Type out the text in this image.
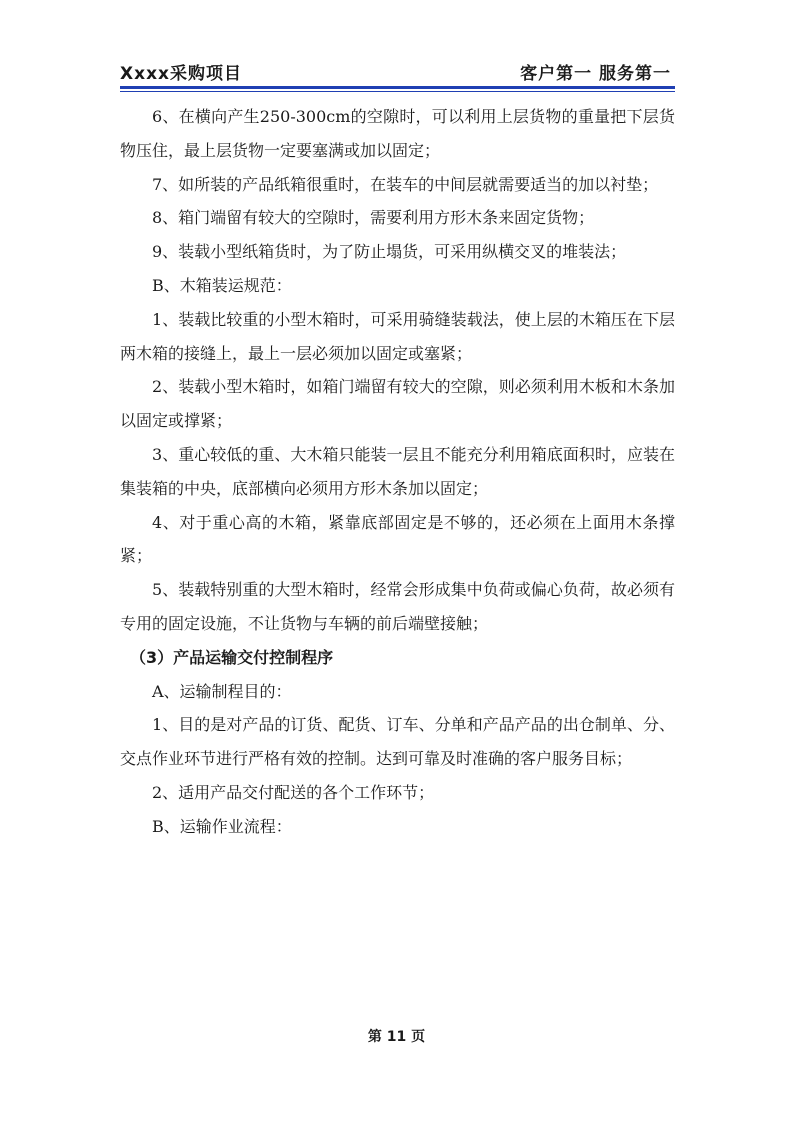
Xxxx采购项目	客户第一 服务第一

6、在横向产生250-300cm的空隙时，可以利用上层货物的重量把下层货物压住，最上层货物一定要塞满或加以固定；

7、如所装的产品纸箱很重时，在装车的中间层就需要适当的加以衬垫；

8、箱门端留有较大的空隙时，需要利用方形木条来固定货物；

9、装载小型纸箱货时，为了防止塌货，可采用纵横交叉的堆装法；

B、木箱装运规范：

1、装载比较重的小型木箱时，可采用骑缝装载法，使上层的木箱压在下层两木箱的接缝上，最上一层必须加以固定或塞紧；

2、装载小型木箱时，如箱门端留有较大的空隙，则必须利用木板和木条加以固定或撑紧；

3、重心较低的重、大木箱只能装一层且不能充分利用箱底面积时，应装在集装箱的中央，底部横向必须用方形木条加以固定；

4、对于重心高的木箱，紧靠底部固定是不够的，还必须在上面用木条撑紧；

5、装载特别重的大型木箱时，经常会形成集中负荷或偏心负荷，故必须有专用的固定设施，不让货物与车辆的前后端壁接触；

（3）产品运输交付控制程序

A、运输制程目的：

1、目的是对产品的订货、配货、订车、分单和产品产品的出仓制单、分、交点作业环节进行严格有效的控制。达到可靠及时准确的客户服务目标；

2、适用产品交付配送的各个工作环节；

B、运输作业流程：

第 11 页
